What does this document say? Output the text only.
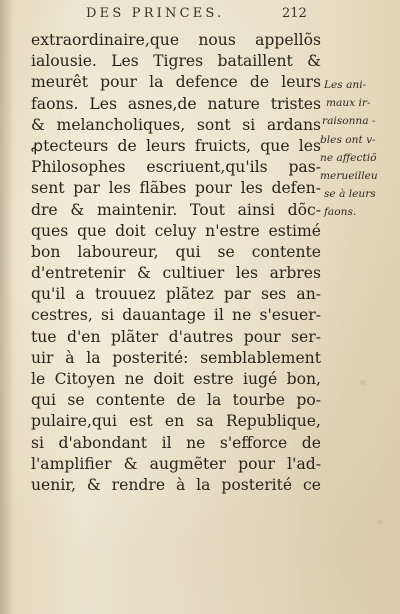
DES PRINCES.	212
extraordinaire,que nous appellõs
ialousie. Les Tigres bataillent &
meurêt pour la defence de leurs
faons. Les asnes,de nature tristes
& melancholiques, sont si ardans
ꝓtecteurs de leurs fruicts, que les
Philosophes escriuent,qu'ils pas-
sent par les flãbes pour les defen-
dre & maintenir. Tout ainsi dõc-
ques que doit celuy n'estre estimé
bon laboureur, qui se contente
d'entretenir & cultiuer les arbres
qu'il a trouuez plãtez par ses an-
cestres, si dauantage il ne s'esuer-
tue d'en plãter d'autres pour ser-
uir à la posterité: semblablement
le Citoyen ne doit estre iugé bon,
qui se contente de la tourbe po-
pulaire,qui est en sa Republique,
si d'abondant il ne s'efforce de
l'amplifier & augmẽter pour l'ad-
uenir, & rendre à la posterité ce
Les ani-
maux ir-
raisonna -
bles ont v-
ne affectiõ
merueilleu
se à leurs
faons.
